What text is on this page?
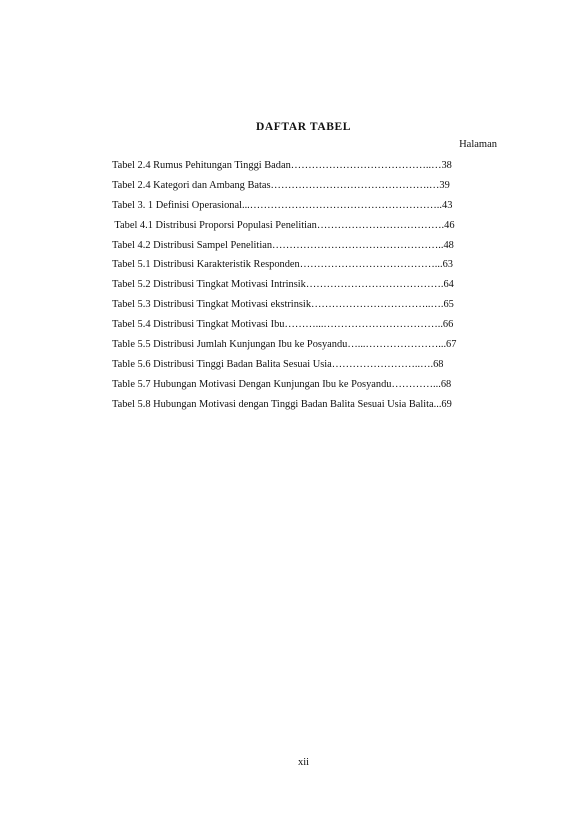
DAFTAR TABEL
Halaman
Tabel 2.4 Rumus Pehitungan Tinggi Badan…………………………………..…38
Tabel 2.4 Kategori dan Ambang Batas……………………………………….…39
Tabel 3. 1 Definisi Operasional...………………………………………………..43
Tabel 4.1 Distribusi Proporsi Populasi Penelitian……………………………….46
Tabel 4.2 Distribusi Sampel Penelitian…………………………………………..48
Tabel 5.1 Distribusi Karakteristik Responden…………………………………...63
Tabel 5.2 Distribusi Tingkat Motivasi Intrinsik………………………………….64
Tabel 5.3 Distribusi Tingkat Motivasi ekstrinsik……………………………..….65
Tabel 5.4 Distribusi Tingkat Motivasi Ibu………...……………………………..66
Table 5.5 Distribusi Jumlah Kunjungan Ibu ke Posyandu…...…………………...67
Table 5.6 Distribusi Tinggi Badan Balita Sesuai Usia……………………..….68
Table 5.7 Hubungan Motivasi Dengan Kunjungan Ibu ke Posyandu…………...68
Tabel 5.8 Hubungan Motivasi dengan Tinggi Badan Balita Sesuai Usia Balita...69
xii
